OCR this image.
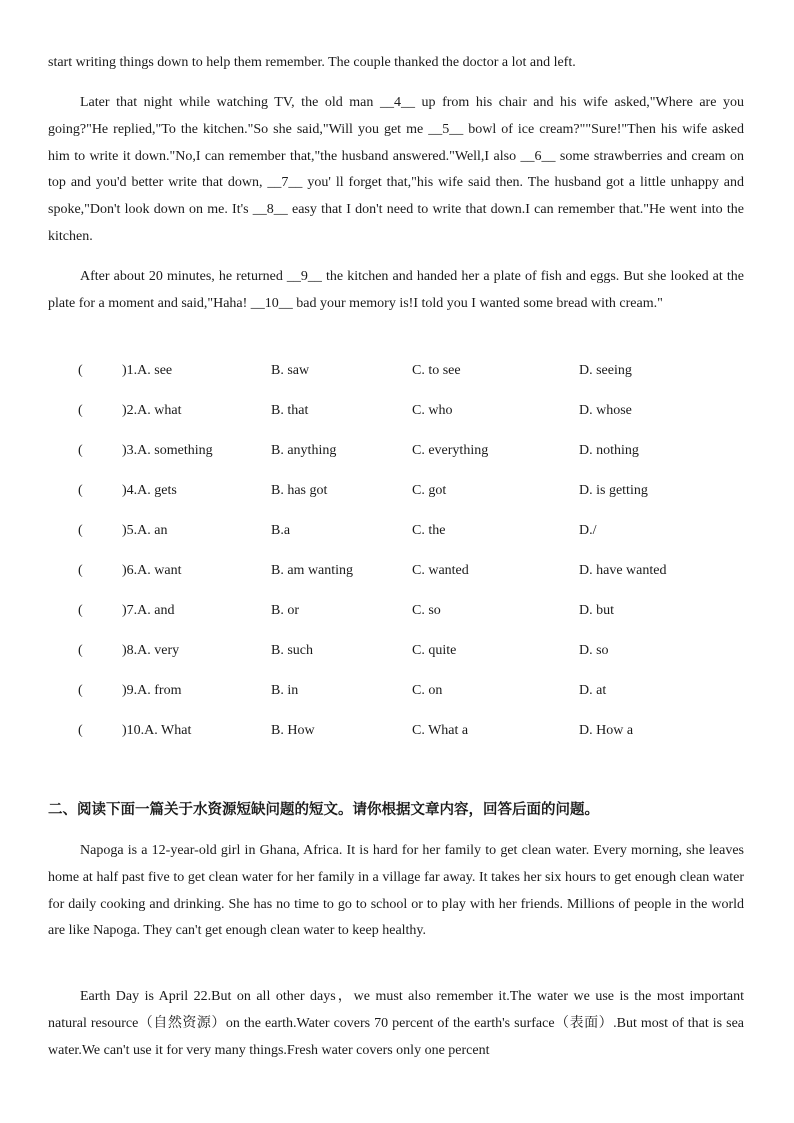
start writing things down to help them remember. The couple thanked the doctor a lot and left.

Later that night while watching TV, the old man __4__ up from his chair and his wife asked,"Where are you going?"He replied,"To the kitchen."So she said,"Will you get me __5__ bowl of ice cream?""Sure!"Then his wife asked him to write it down."No,I can remember that,"the husband answered."Well,I also __6__ some strawberries and cream on top and you'd better write that down, __7__ you' ll forget that,"his wife said then. The husband got a little unhappy and spoke,"Don't look down on me. It's __8__ easy that I don't need to write that down.I can remember that."He went into the kitchen.

After about 20 minutes, he returned __9__ the kitchen and handed her a plate of fish and eggs. But she looked at the plate for a moment and said,"Haha! __10__ bad your memory is!I told you I wanted some bread with cream."

(	)1.A. see	B. saw	C. to see	D. seeing
(	)2.A. what	B. that	C. who	D. whose
(	)3.A. something	B. anything	C. everything	D. nothing
(	)4.A. gets	B. has got	C. got	D. is getting
(	)5.A. an	B.a	C. the	D./
(	)6.A. want	B. am wanting	C. wanted	D. have wanted
(	)7.A. and	B. or	C. so	D. but
(	)8.A. very	B. such	C. quite	D. so
(	)9.A. from	B. in	C. on	D. at
(	)10.A. What	B. How	C. What a	D. How a

二、阅读下面一篇关于水资源短缺问题的短文。请你根据文章内容，回答后面的问题。

Napoga is a 12-year-old girl in Ghana, Africa. It is hard for her family to get clean water. Every morning, she leaves home at half past five to get clean water for her family in a village far away. It takes her six hours to get enough clean water for daily cooking and drinking. She has no time to go to school or to play with her friends. Millions of people in the world are like Napoga. They can't get enough clean water to keep healthy.

Earth Day is April 22.But on all other days，we must also remember it.The water we use is the most important natural resource（自然资源）on the earth.Water covers 70 percent of the earth's surface（表面）.But most of that is sea water.We can't use it for very many things.Fresh water covers only one percent
